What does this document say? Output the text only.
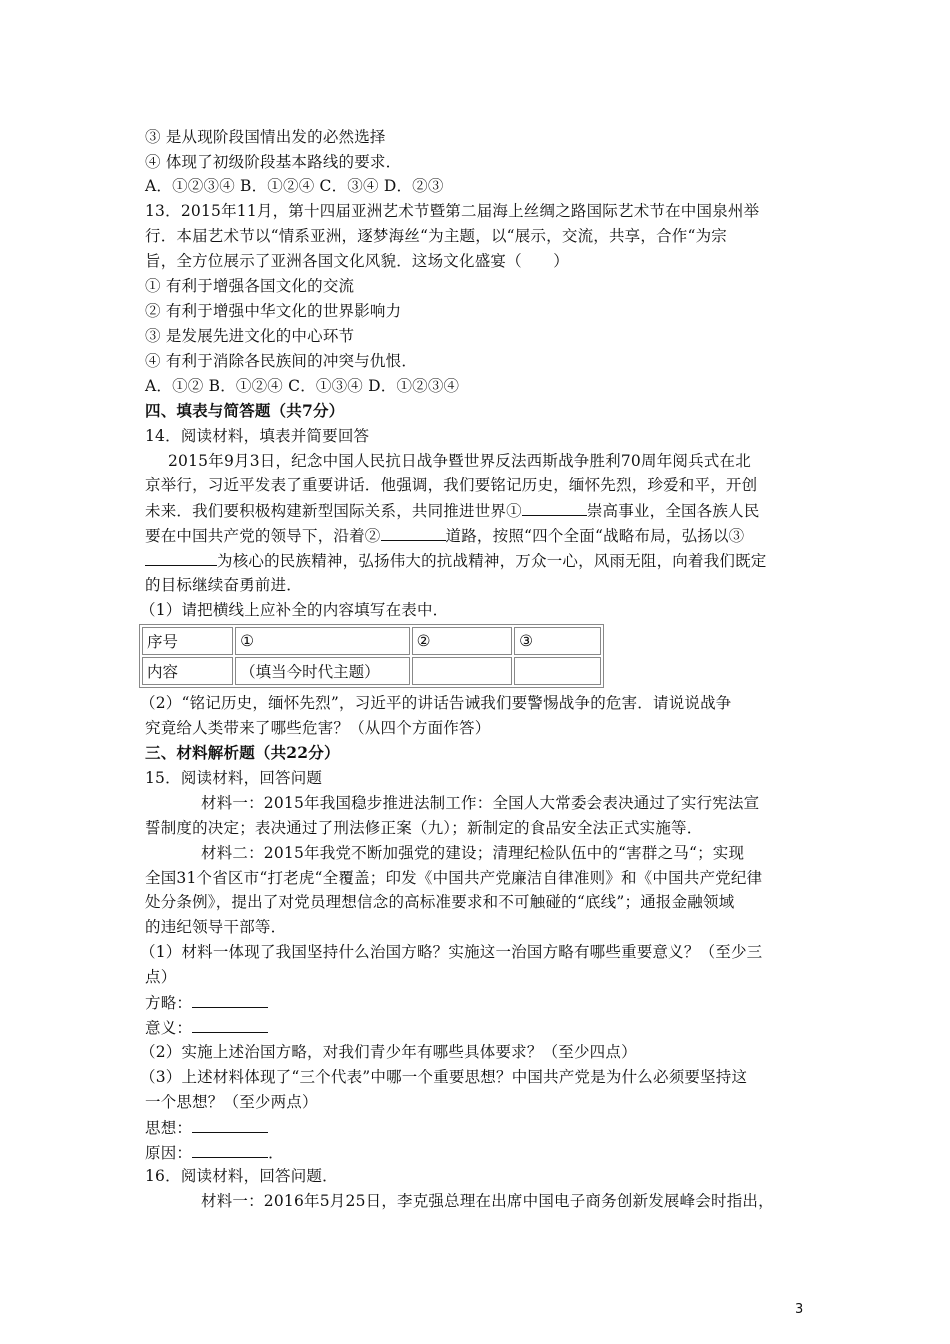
③ 是从现阶段国情出发的必然选择
④ 体现了初级阶段基本路线的要求．
A．①②③④ B．①②④ C．③④ D．②③
13．2015年11月，第十四届亚洲艺术节暨第二届海上丝绸之路国际艺术节在中国泉州举
行．本届艺术节以“情系亚洲，逐梦海丝“为主题，以“展示，交流，共享，合作“为宗
旨，全方位展示了亚洲各国文化风貌．这场文化盛宴（　　）
① 有利于增强各国文化的交流
② 有利于增强中华文化的世界影响力
③ 是发展先进文化的中心环节
④ 有利于消除各民族间的冲突与仇恨．
A．①② B．①②④ C．①③④ D．①②③④
四、填表与简答题（共7分）
14．阅读材料，填表并简要回答
2015年9月3日，纪念中国人民抗日战争暨世界反法西斯战争胜利70周年阅兵式在北
京举行，习近平发表了重要讲话．他强调，我们要铭记历史，缅怀先烈，珍爱和平，开创
未来．我们要积极构建新型国际关系，共同推进世界①	崇高事业，全国各族人民
要在中国共产党的领导下，沿着②	道路，按照“四个全面“战略布局，弘扬以③
为核心的民族精神，弘扬伟大的抗战精神，万众一心，风雨无阻，向着我们既定
的目标继续奋勇前进．
（1）请把横线上应补全的内容填写在表中．
序号	①	②	③
内容	（填当今时代主题）		
（2）“铭记历史，缅怀先烈”，习近平的讲话告诫我们要警惕战争的危害．请说说战争
究竟给人类带来了哪些危害？（从四个方面作答）
三、材料解析题（共22分）
15．阅读材料，回答问题
材料一：2015年我国稳步推进法制工作：全国人大常委会表决通过了实行宪法宣
誓制度的决定；表决通过了刑法修正案（九）；新制定的食品安全法正式实施等．
材料二：2015年我党不断加强党的建设；清理纪检队伍中的“害群之马“；实现
全国31个省区市“打老虎“全覆盖；印发《中国共产党廉洁自律准则》和《中国共产党纪律
处分条例》，提出了对党员理想信念的高标准要求和不可触碰的“底线”；通报金融领域
的违纪领导干部等．
（1）材料一体现了我国坚持什么治国方略？实施这一治国方略有哪些重要意义？（至少三
点）
方略：
意义：
（2）实施上述治国方略，对我们青少年有哪些具体要求？（至少四点）
（3）上述材料体现了“三个代表”中哪一个重要思想？中国共产党是为什么必须要坚持这
一个思想？（至少两点）
思想：
原因：	．
16．阅读材料，回答问题．
材料一：2016年5月25日，李克强总理在出席中国电子商务创新发展峰会时指出，
3
